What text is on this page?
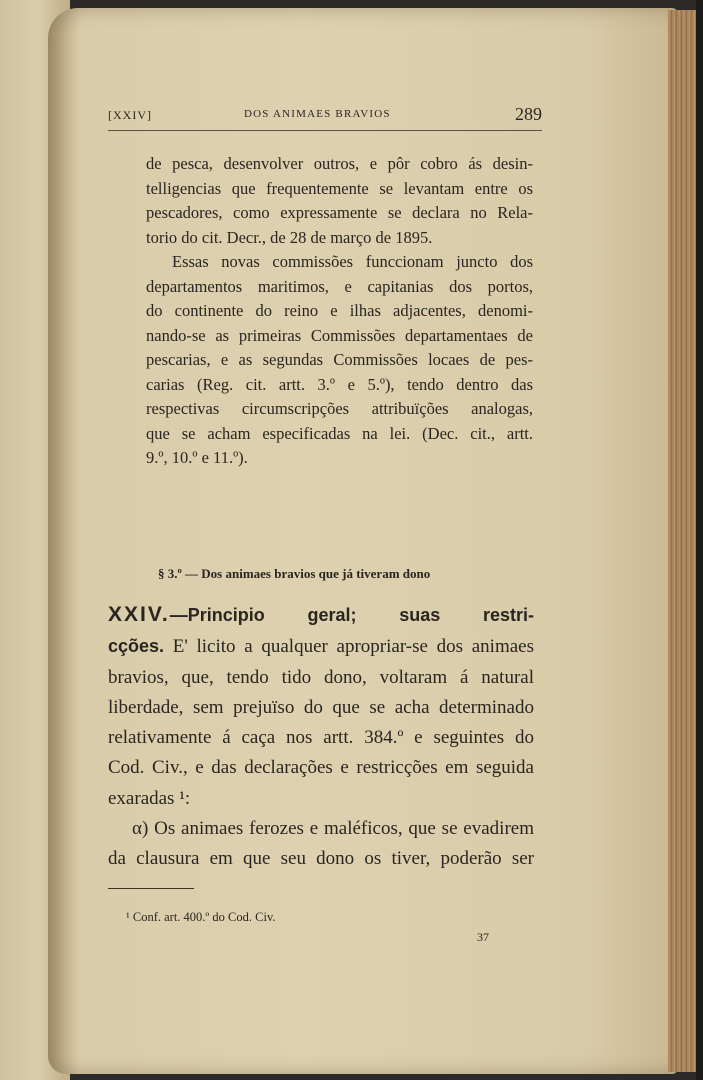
[XXIV]	DOS ANIMAES BRAVIOS	289
de pesca, desenvolver outros, e pôr cobro ás desin-
telligencias que frequentemente se levantam entre os
pescadores, como expressamente se declara no Rela-
torio do cit. Decr., de 28 de março de 1895.
Essas novas commissões funccionam juncto dos
departamentos maritimos, e capitanias dos portos,
do continente do reino e ilhas adjacentes, denomi-
nando-se as primeiras Commissões departamentaes de
pescarias, e as segundas Commissões locaes de pes-
carias (Reg. cit. artt. 3.º e 5.º), tendo dentro das
respectivas circumscripções attribuïções analogas,
que se acham especificadas na lei. (Dec. cit., artt.
9.º, 10.º e 11.º).
§ 3.º — Dos animaes bravios que já tiveram dono
XXIV.—Principio geral; suas restri-
cções. E' licito a qualquer apropriar-se dos animaes
bravios, que, tendo tido dono, voltaram á natural
liberdade, sem prejuïso do que se acha determinado
relativamente á caça nos artt. 384.º e seguintes do
Cod. Civ., e das declarações e restricções em seguida
exaradas ¹:
α) Os animaes ferozes e maléficos, que se evadirem
da clausura em que seu dono os tiver, poderão ser
¹ Conf. art. 400.º do Cod. Civ.
37
